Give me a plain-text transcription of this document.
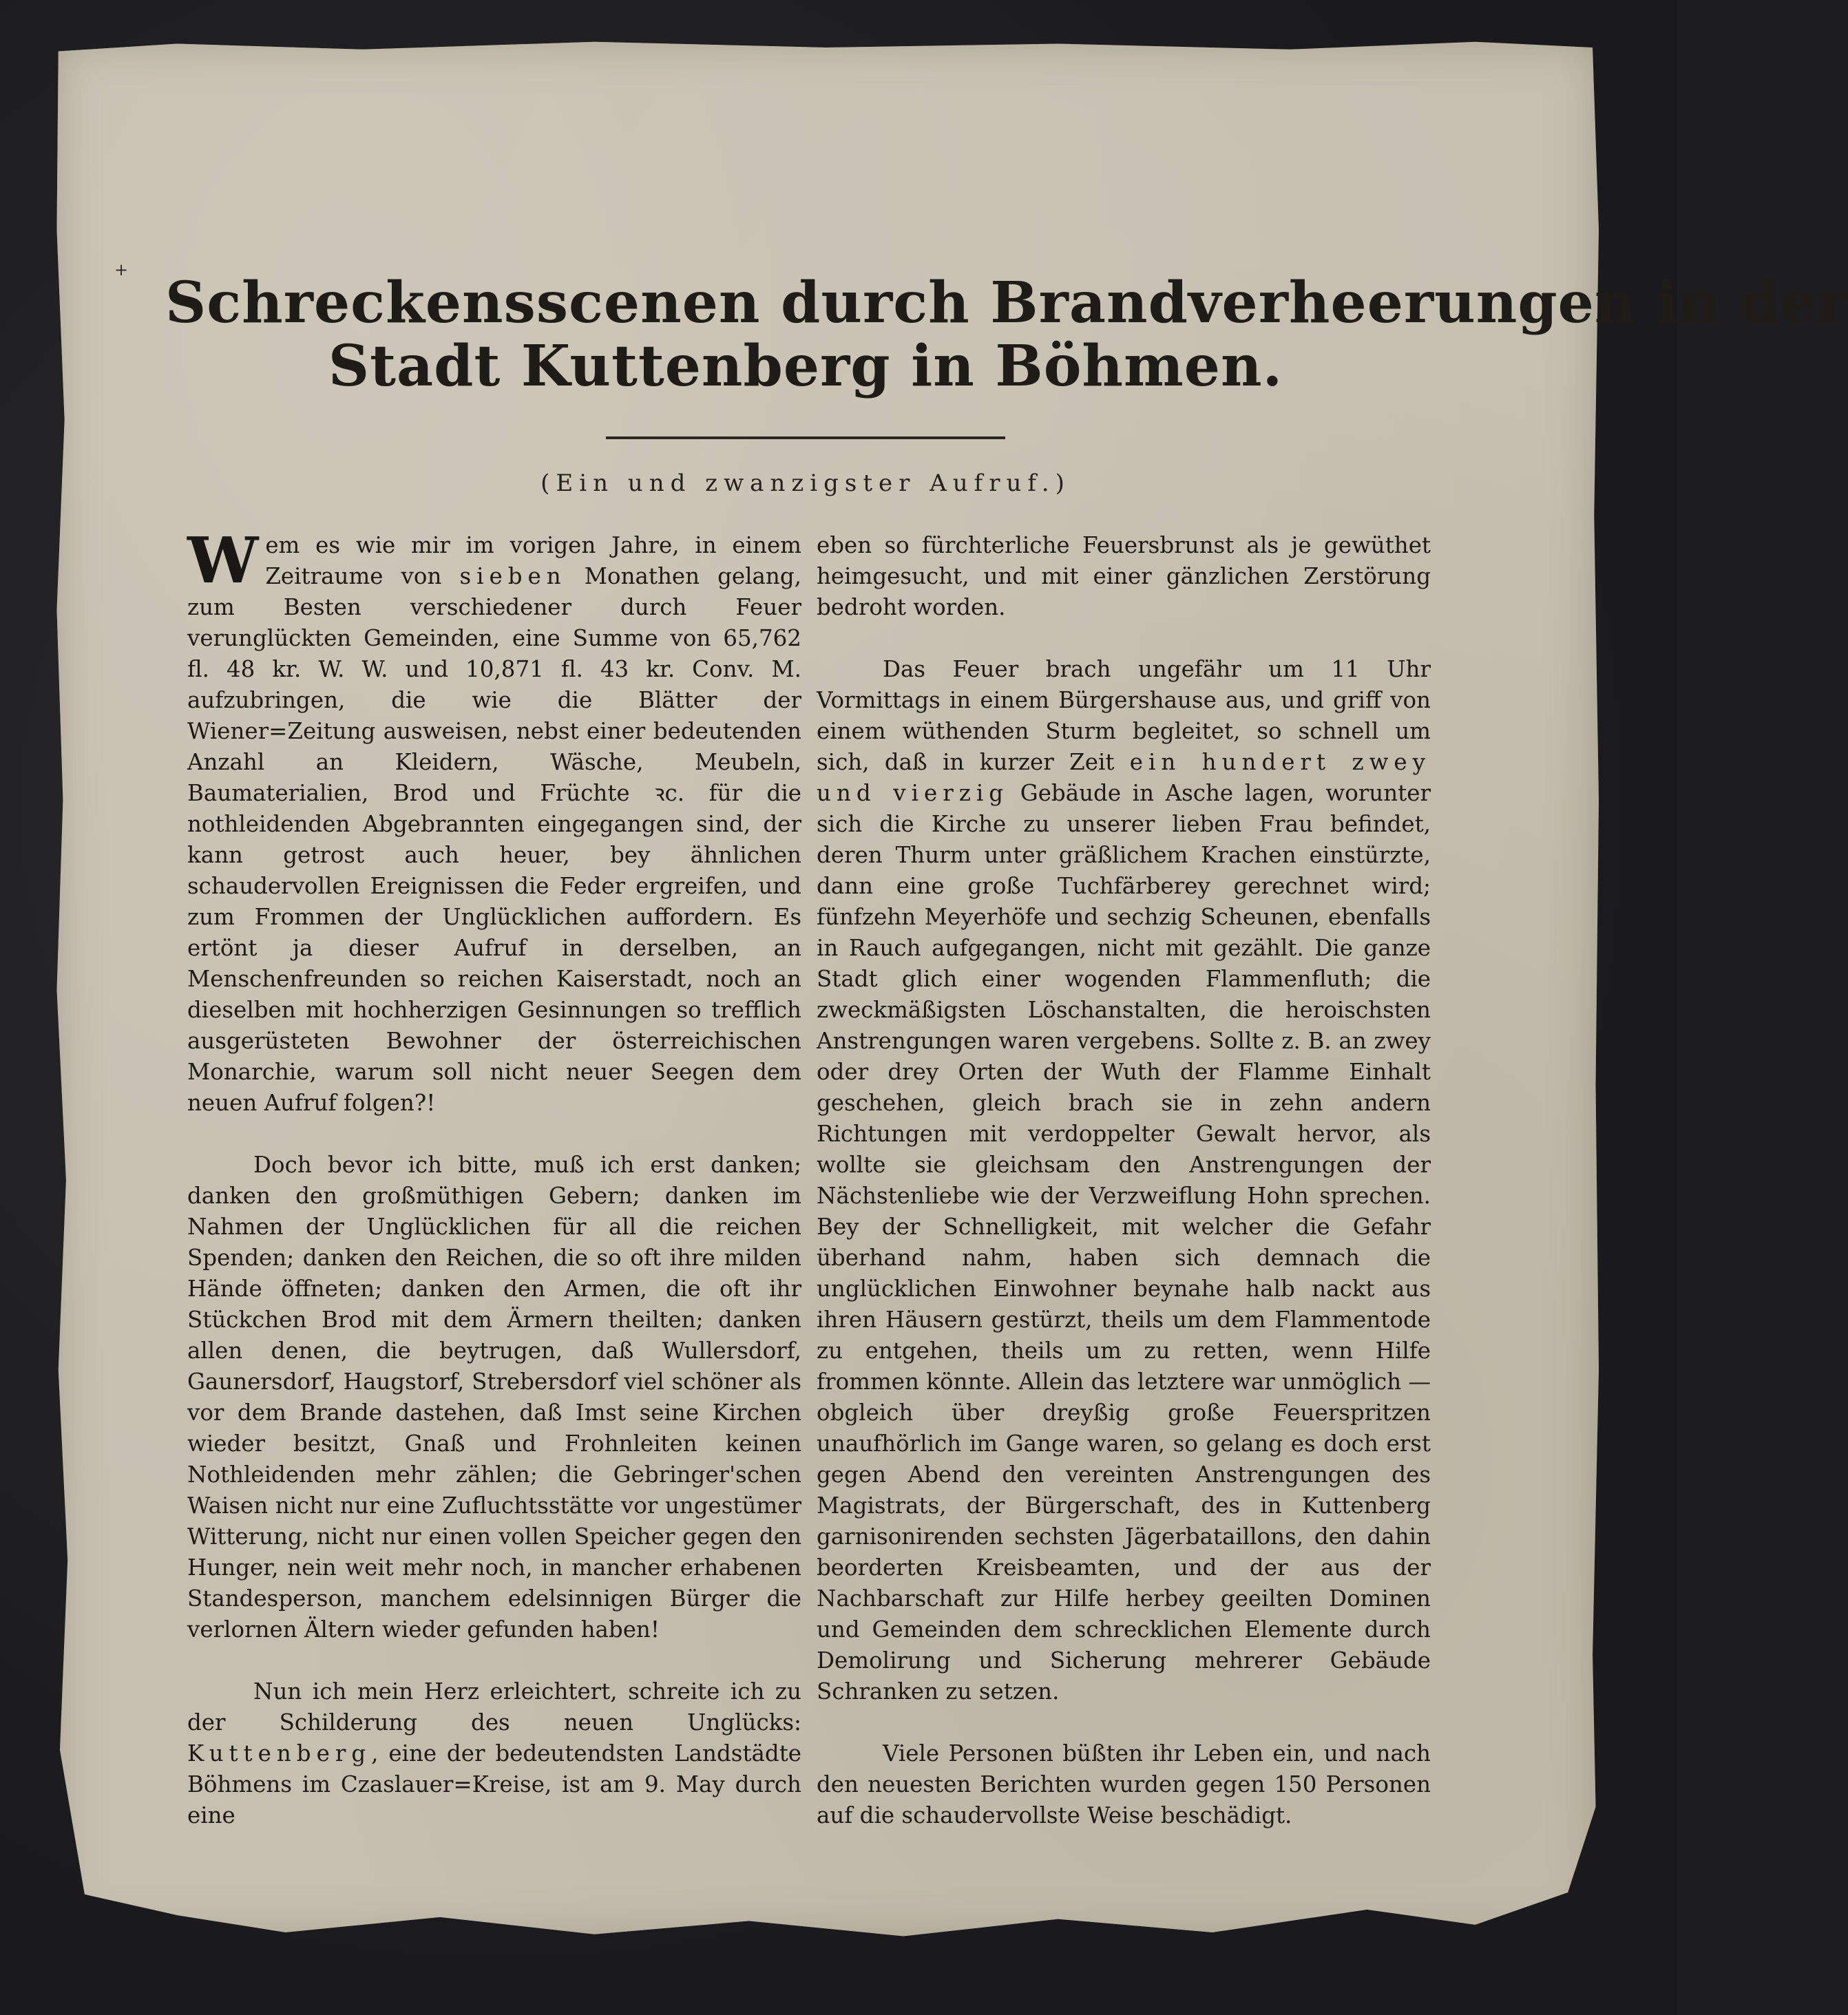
+ Schreckensscenen durch Brandverheerungen in der
Stadt Kuttenberg in Böhmen.
(Ein und zwanzigster Aufruf.)

Wem es wie mir im vorigen Jahre, in einem Zeitraume von sieben Monathen gelang, zum Besten verschiedener durch Feuer verunglückten Gemeinden, eine Summe von 65,762 fl. 48 kr. W. W. und 10,871 fl. 43 kr. Conv. M. aufzubringen, die wie die Blätter der Wiener=Zeitung ausweisen, nebst einer bedeutenden Anzahl an Kleidern, Wäsche, Meubeln, Baumaterialien, Brod und Früchte ꝛc. für die nothleidenden Abgebrannten eingegangen sind, der kann getrost auch heuer, bey ähnlichen schaudervollen Ereignissen die Feder ergreifen, und zum Frommen der Unglücklichen auffordern. Es ertönt ja dieser Aufruf in derselben, an Menschenfreunden so reichen Kaiserstadt, noch an dieselben mit hochherzigen Gesinnungen so trefflich ausgerüsteten Bewohner der österreichischen Monarchie, warum soll nicht neuer Seegen dem neuen Aufruf folgen?!

Doch bevor ich bitte, muß ich erst danken; danken den großmüthigen Gebern; danken im Nahmen der Unglücklichen für all die reichen Spenden; danken den Reichen, die so oft ihre milden Hände öffneten; danken den Armen, die oft ihr Stückchen Brod mit dem Ärmern theilten; danken allen denen, die beytrugen, daß Wullersdorf, Gaunersdorf, Haugstorf, Strebersdorf viel schöner als vor dem Brande dastehen, daß Imst seine Kirchen wieder besitzt, Gnaß und Frohnleiten keinen Nothleidenden mehr zählen; die Gebringer'schen Waisen nicht nur eine Zufluchtsstätte vor ungestümer Witterung, nicht nur einen vollen Speicher gegen den Hunger, nein weit mehr noch, in mancher erhabenen Standesperson, manchem edelsinnigen Bürger die verlornen Ältern wieder gefunden haben!

Nun ich mein Herz erleichtert, schreite ich zu der Schilderung des neuen Unglücks: Kuttenberg, eine der bedeutendsten Landstädte Böhmens im Czaslauer=Kreise, ist am 9. May durch eine

eben so fürchterliche Feuersbrunst als je gewüthet heimgesucht, und mit einer gänzlichen Zerstörung bedroht worden.

Das Feuer brach ungefähr um 11 Uhr Vormittags in einem Bürgershause aus, und griff von einem wüthenden Sturm begleitet, so schnell um sich, daß in kurzer Zeit ein hundert zwey und vierzig Gebäude in Asche lagen, worunter sich die Kirche zu unserer lieben Frau befindet, deren Thurm unter gräßlichem Krachen einstürzte, dann eine große Tuchfärberey gerechnet wird; fünfzehn Meyerhöfe und sechzig Scheunen, ebenfalls in Rauch aufgegangen, nicht mit gezählt. Die ganze Stadt glich einer wogenden Flammenfluth; die zweckmäßigsten Löschanstalten, die heroischsten Anstrengungen waren vergebens. Sollte z. B. an zwey oder drey Orten der Wuth der Flamme Einhalt geschehen, gleich brach sie in zehn andern Richtungen mit verdoppelter Gewalt hervor, als wollte sie gleichsam den Anstrengungen der Nächstenliebe wie der Verzweiflung Hohn sprechen. Bey der Schnelligkeit, mit welcher die Gefahr überhand nahm, haben sich demnach die unglücklichen Einwohner beynahe halb nackt aus ihren Häusern gestürzt, theils um dem Flammentode zu entgehen, theils um zu retten, wenn Hilfe frommen könnte. Allein das letztere war unmöglich — obgleich über dreyßig große Feuerspritzen unaufhörlich im Gange waren, so gelang es doch erst gegen Abend den vereinten Anstrengungen des Magistrats, der Bürgerschaft, des in Kuttenberg garnisonirenden sechsten Jägerbataillons, den dahin beorderten Kreisbeamten, und der aus der Nachbarschaft zur Hilfe herbey geeilten Dominen und Gemeinden dem schrecklichen Elemente durch Demolirung und Sicherung mehrerer Gebäude Schranken zu setzen.

Viele Personen büßten ihr Leben ein, und nach den neuesten Berichten wurden gegen 150 Personen auf die schaudervollste Weise beschädigt.
